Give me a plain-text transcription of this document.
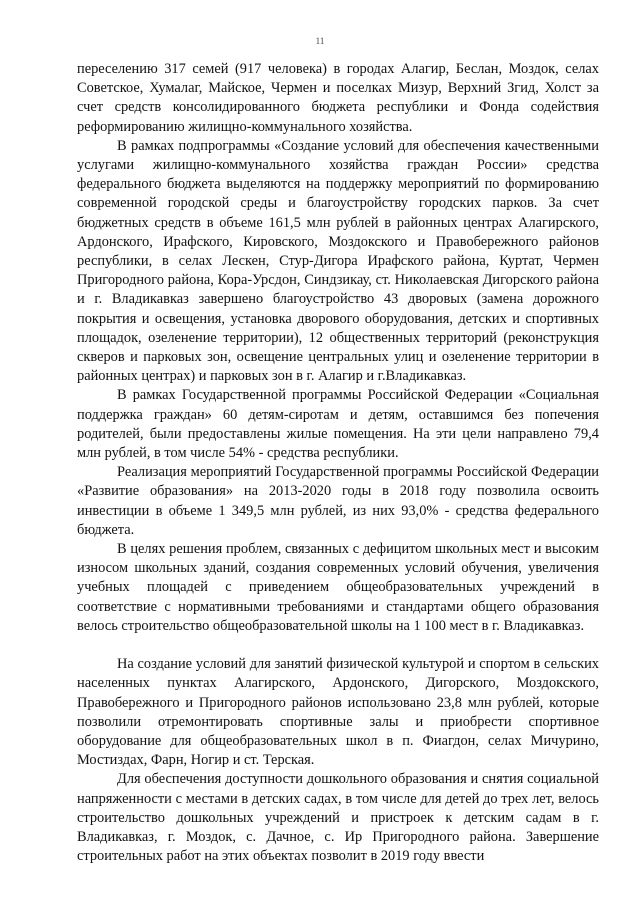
11

переселению 317 семей (917 человека) в городах Алагир, Беслан, Моздок, селах Советское, Хумалаг, Майское, Чермен и поселках Мизур, Верхний Згид, Холст за счет средств консолидированного бюджета республики и Фонда содействия реформированию жилищно-коммунального хозяйства.

В рамках подпрограммы «Создание условий для обеспечения качественными услугами жилищно-коммунального хозяйства граждан России» средства федерального бюджета выделяются на поддержку мероприятий по формированию современной городской среды и благоустройству городских парков. За счет бюджетных средств в объеме 161,5 млн рублей в районных центрах Алагирского, Ардонского, Ирафского, Кировского, Моздокского и Правобережного районов республики, в селах Лескен, Стур-Дигора Ирафского района, Куртат, Чермен Пригородного района, Кора-Урсдон, Синдзикау, ст. Николаевская Дигорского района и г. Владикавказ завершено благоустройство 43 дворовых (замена дорожного покрытия и освещения, установка дворового оборудования, детских и спортивных площадок, озеленение территории), 12 общественных территорий (реконструкция скверов и парковых зон, освещение центральных улиц и озеленение территории в районных центрах) и парковых зон в г. Алагир и г.Владикавказ.

В рамках Государственной программы Российской Федерации «Социальная поддержка граждан» 60 детям-сиротам и детям, оставшимся без попечения родителей, были предоставлены жилые помещения. На эти цели направлено 79,4 млн рублей, в том числе 54% - средства республики.

Реализация мероприятий Государственной программы Российской Федерации «Развитие образования» на 2013-2020 годы в 2018 году позволила освоить инвестиции в объеме 1 349,5 млн рублей, из них 93,0% - средства федерального бюджета.

В целях решения проблем, связанных с дефицитом школьных мест и высоким износом школьных зданий, создания современных условий обучения, увеличения учебных площадей с приведением общеобразовательных учреждений в соответствие с нормативными требованиями и стандартами общего образования велось строительство общеобразовательной школы на 1 100 мест в г. Владикавказ.

На создание условий для занятий физической культурой и спортом в сельских населенных пунктах Алагирского, Ардонского, Дигорского, Моздокского, Правобережного и Пригородного районов использовано 23,8 млн рублей, которые позволили отремонтировать спортивные залы и приобрести спортивное оборудование для общеобразовательных школ в п. Фиагдон, селах Мичурино, Мостиздах, Фарн, Ногир и ст. Терская.

Для обеспечения доступности дошкольного образования и снятия социальной напряженности с местами в детских садах, в том числе для детей до трех лет, велось строительство дошкольных учреждений и пристроек к детским садам в г. Владикавказ, г. Моздок, с. Дачное, с. Ир Пригородного района. Завершение строительных работ на этих объектах позволит в 2019 году ввести
